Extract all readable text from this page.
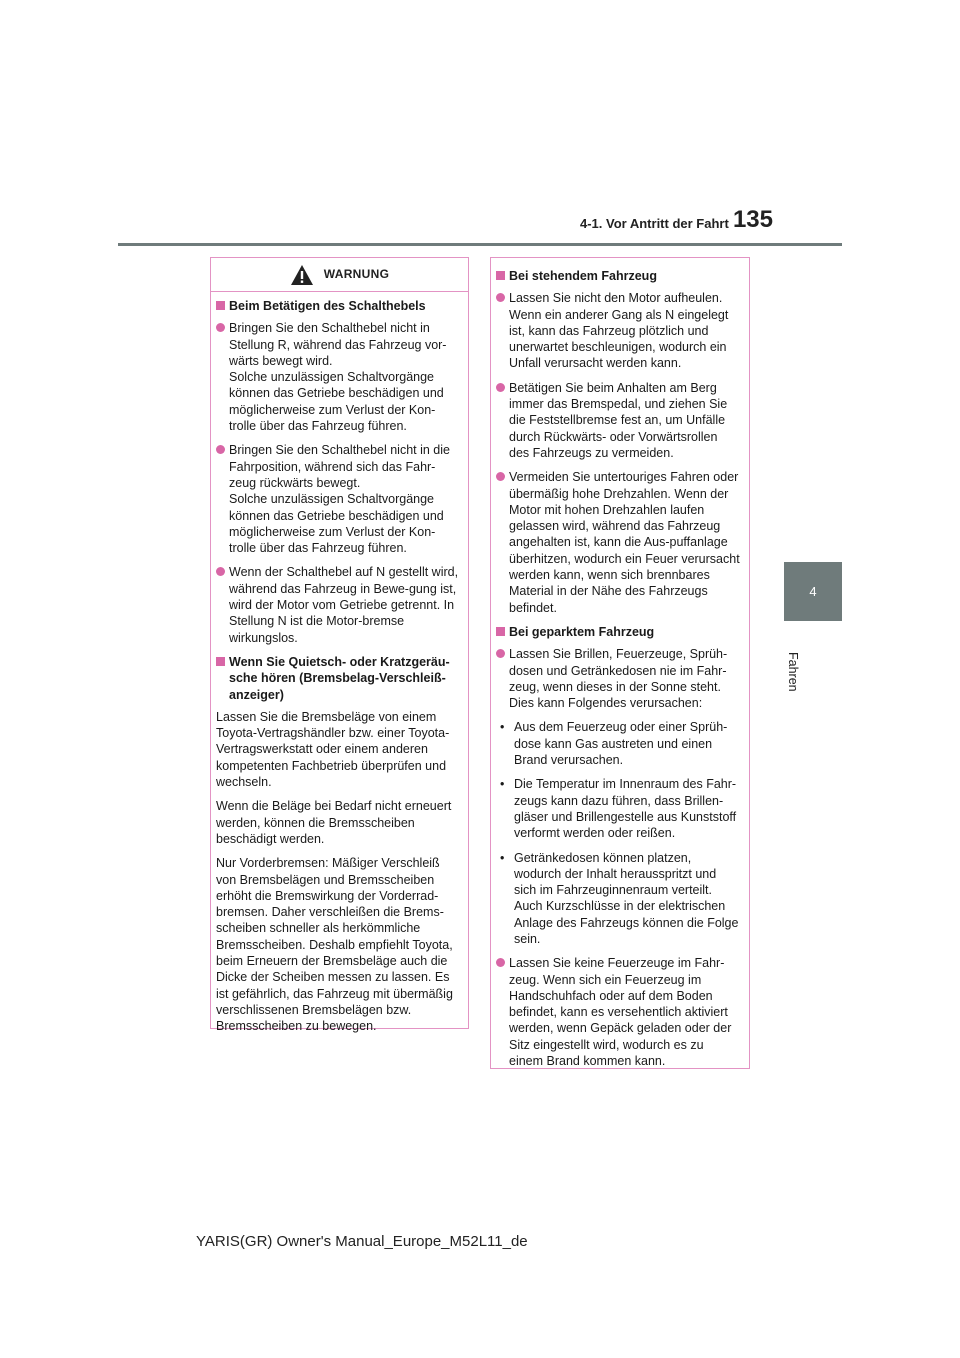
4-1. Vor Antritt der Fahrt 135
4
Fahren
WARNUNG
Beim Betätigen des Schalthebels
Bringen Sie den Schalthebel nicht in Stellung R, während das Fahrzeug vor-wärts bewegt wird.
Solche unzulässigen Schaltvorgänge können das Getriebe beschädigen und möglicherweise zum Verlust der Kon-trolle über das Fahrzeug führen.
Bringen Sie den Schalthebel nicht in die Fahrposition, während sich das Fahr-zeug rückwärts bewegt.
Solche unzulässigen Schaltvorgänge können das Getriebe beschädigen und möglicherweise zum Verlust der Kon-trolle über das Fahrzeug führen.
Wenn der Schalthebel auf N gestellt wird, während das Fahrzeug in Bewe-gung ist, wird der Motor vom Getriebe getrennt. In Stellung N ist die Motor-bremse wirkungslos.
Wenn Sie Quietsch- oder Kratzgeräu-sche hören (Bremsbelag-Verschleiß-anzeiger)
Lassen Sie die Bremsbeläge von einem Toyota-Vertragshändler bzw. einer Toyota-Vertragswerkstatt oder einem anderen kompetenten Fachbetrieb überprüfen und wechseln.
Wenn die Beläge bei Bedarf nicht erneuert werden, können die Bremsscheiben beschädigt werden.
Nur Vorderbremsen: Mäßiger Verschleiß von Bremsbelägen und Bremsscheiben erhöht die Bremswirkung der Vorderrad-bremsen. Daher verschleißen die Brems-scheiben schneller als herkömmliche Bremsscheiben. Deshalb empfiehlt Toyota, beim Erneuern der Bremsbeläge auch die Dicke der Scheiben messen zu lassen. Es ist gefährlich, das Fahrzeug mit übermäßig verschlissenen Bremsbelägen bzw. Bremsscheiben zu bewegen.
Bei stehendem Fahrzeug
Lassen Sie nicht den Motor aufheulen. Wenn ein anderer Gang als N eingelegt ist, kann das Fahrzeug plötzlich und unerwartet beschleunigen, wodurch ein Unfall verursacht werden kann.
Betätigen Sie beim Anhalten am Berg immer das Bremspedal, und ziehen Sie die Feststellbremse fest an, um Unfälle durch Rückwärts- oder Vorwärtsrollen des Fahrzeugs zu vermeiden.
Vermeiden Sie untertouriges Fahren oder übermäßig hohe Drehzahlen. Wenn der Motor mit hohen Drehzahlen laufen gelassen wird, während das Fahrzeug angehalten ist, kann die Aus-puffanlage überhitzen, wodurch ein Feuer verursacht werden kann, wenn sich brennbares Material in der Nähe des Fahrzeugs befindet.
Bei geparktem Fahrzeug
Lassen Sie Brillen, Feuerzeuge, Sprüh-dosen und Getränkedosen nie im Fahr-zeug, wenn dieses in der Sonne steht. Dies kann Folgendes verursachen:
• Aus dem Feuerzeug oder einer Sprüh-dose kann Gas austreten und einen Brand verursachen.
• Die Temperatur im Innenraum des Fahr-zeugs kann dazu führen, dass Brillen-gläser und Brillengestelle aus Kunststoff verformt werden oder reißen.
• Getränkedosen können platzen, wodurch der Inhalt herausspritzt und sich im Fahrzeuginnenraum verteilt. Auch Kurzschlüsse in der elektrischen Anlage des Fahrzeugs können die Folge sein.
Lassen Sie keine Feuerzeuge im Fahr-zeug. Wenn sich ein Feuerzeug im Handschuhfach oder auf dem Boden befindet, kann es versehentlich aktiviert werden, wenn Gepäck geladen oder der Sitz eingestellt wird, wodurch es zu einem Brand kommen kann.
YARIS(GR) Owner's Manual_Europe_M52L11_de
